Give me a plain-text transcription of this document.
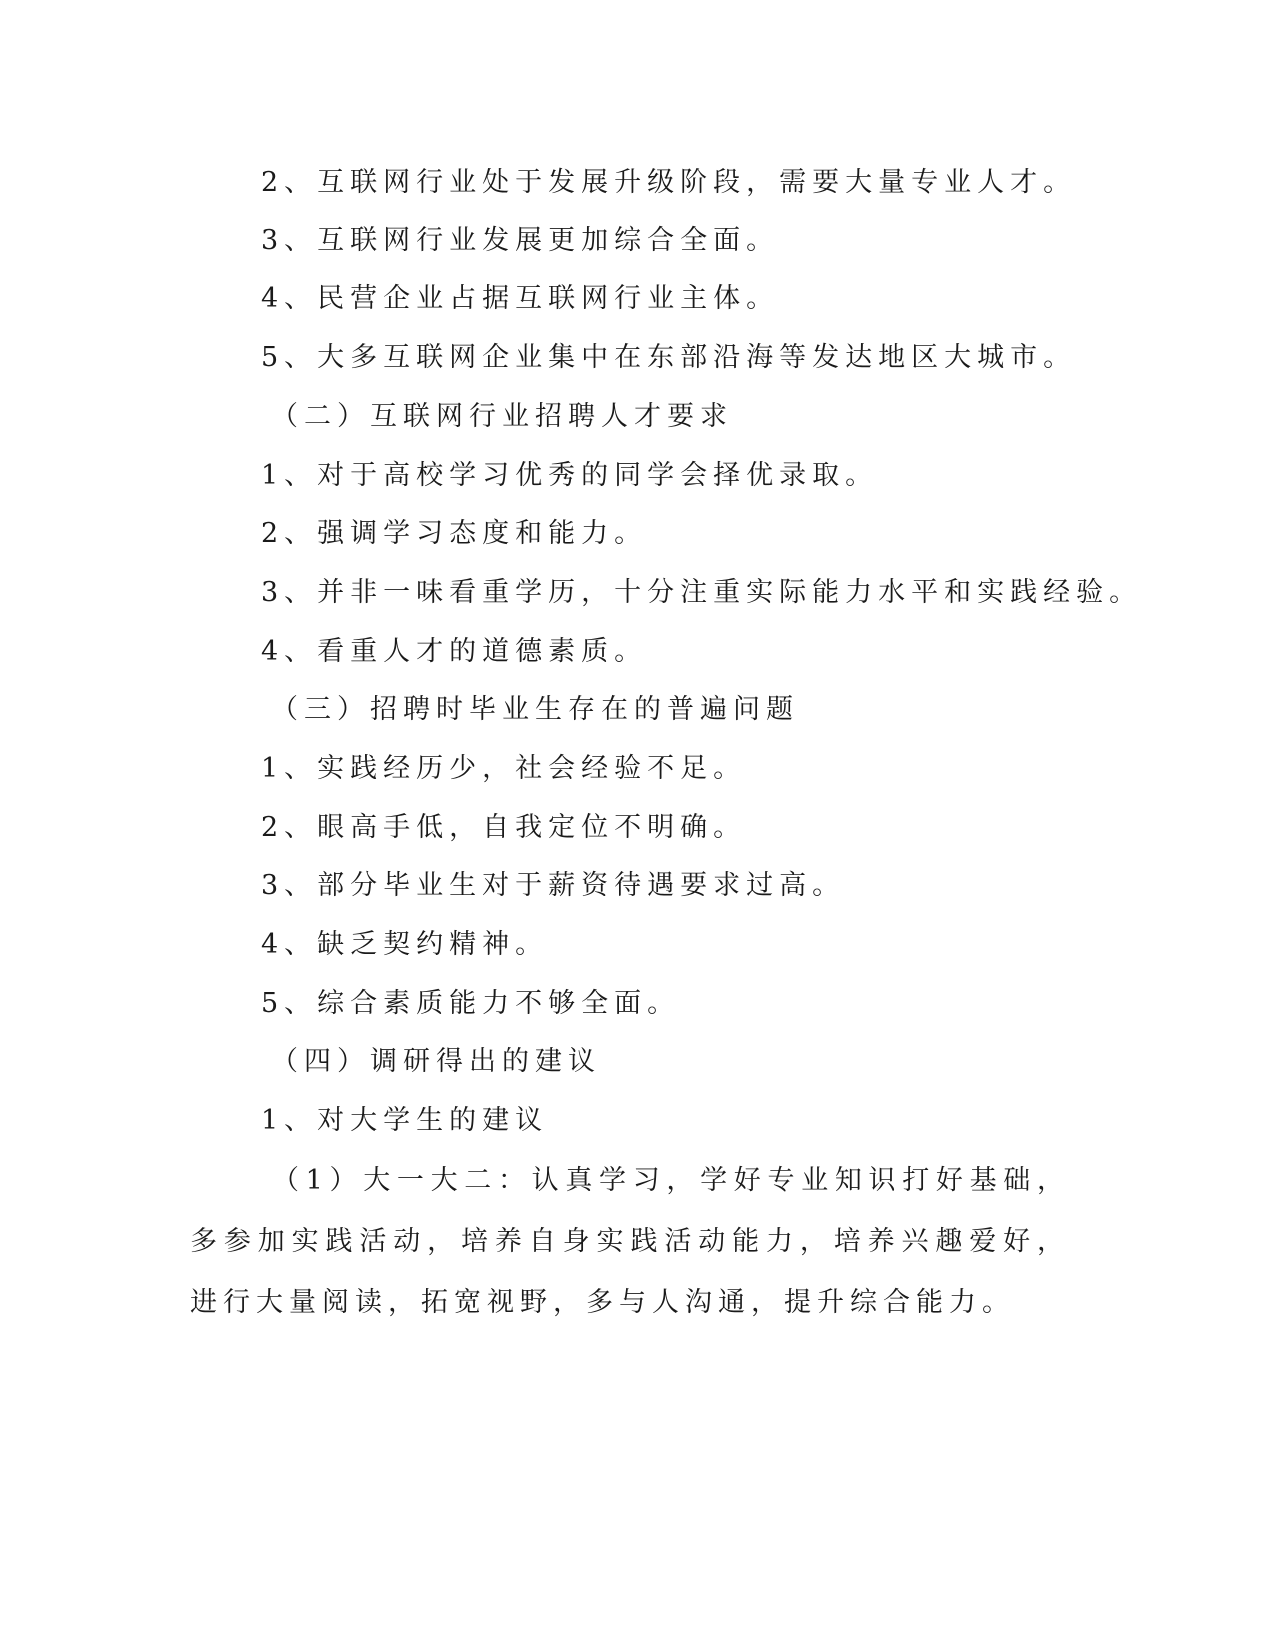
2、互联网行业处于发展升级阶段，需要大量专业人才。
3、互联网行业发展更加综合全面。
4、民营企业占据互联网行业主体。
5、大多互联网企业集中在东部沿海等发达地区大城市。
（二）互联网行业招聘人才要求
1、对于高校学习优秀的同学会择优录取。
2、强调学习态度和能力。
3、并非一味看重学历，十分注重实际能力水平和实践经验。
4、看重人才的道德素质。
（三）招聘时毕业生存在的普遍问题
1、实践经历少，社会经验不足。
2、眼高手低，自我定位不明确。
3、部分毕业生对于薪资待遇要求过高。
4、缺乏契约精神。
5、综合素质能力不够全面。
（四）调研得出的建议
1、对大学生的建议
（1）大一大二：认真学习，学好专业知识打好基础，多参加实践活动，培养自身实践活动能力，培养兴趣爱好，进行大量阅读，拓宽视野，多与人沟通，提升综合能力。
